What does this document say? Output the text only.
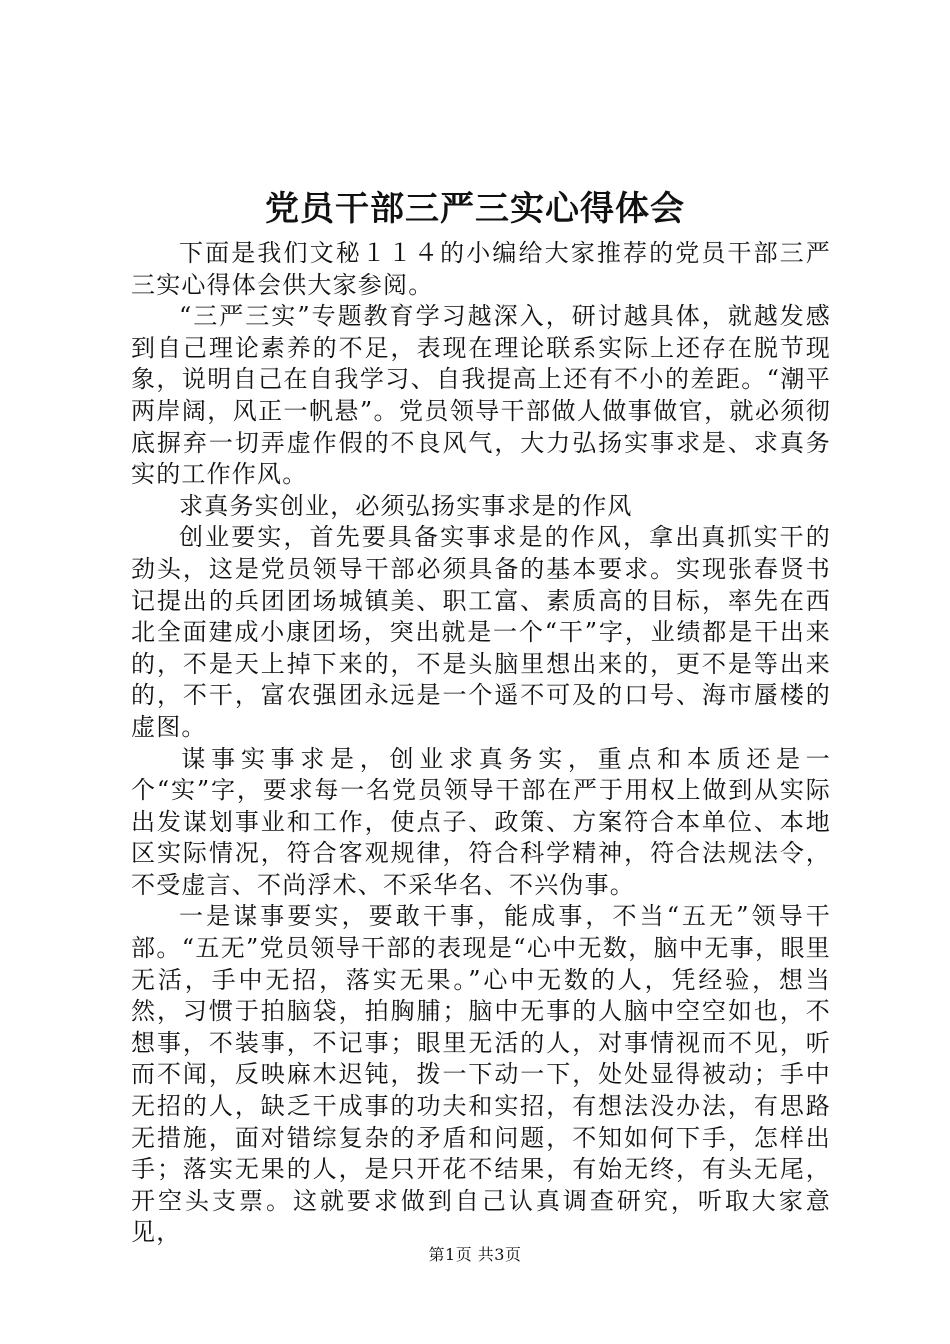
党员干部三严三实心得体会

下面是我们文秘１１４的小编给大家推荐的党员干部三严三实心得体会供大家参阅。

“三严三实”专题教育学习越深入，研讨越具体，就越发感到自己理论素养的不足，表现在理论联系实际上还存在脱节现象，说明自己在自我学习、自我提高上还有不小的差距。“潮平两岸阔，风正一帆悬”。党员领导干部做人做事做官，就必须彻底摒弃一切弄虚作假的不良风气，大力弘扬实事求是、求真务实的工作作风。

求真务实创业，必须弘扬实事求是的作风

创业要实，首先要具备实事求是的作风，拿出真抓实干的劲头，这是党员领导干部必须具备的基本要求。实现张春贤书记提出的兵团团场城镇美、职工富、素质高的目标，率先在西北全面建成小康团场，突出就是一个“干”字，业绩都是干出来的，不是天上掉下来的，不是头脑里想出来的，更不是等出来的，不干，富农强团永远是一个遥不可及的口号、海市蜃楼的虚图。

谋事实事求是，创业求真务实，重点和本质还是一个“实”字，要求每一名党员领导干部在严于用权上做到从实际出发谋划事业和工作，使点子、政策、方案符合本单位、本地区实际情况，符合客观规律，符合科学精神，符合法规法令，不受虚言、不尚浮术、不采华名、不兴伪事。

一是谋事要实，要敢干事，能成事，不当“五无”领导干部。“五无”党员领导干部的表现是“心中无数，脑中无事，眼里无活，手中无招，落实无果。”心中无数的人，凭经验，想当然，习惯于拍脑袋，拍胸脯；脑中无事的人脑中空空如也，不想事，不装事，不记事；眼里无活的人，对事情视而不见，听而不闻，反映麻木迟钝，拨一下动一下，处处显得被动；手中无招的人，缺乏干成事的功夫和实招，有想法没办法，有思路无措施，面对错综复杂的矛盾和问题，不知如何下手，怎样出手；落实无果的人，是只开花不结果，有始无终，有头无尾，开空头支票。这就要求做到自己认真调查研究，听取大家意见，

第1页 共3页
